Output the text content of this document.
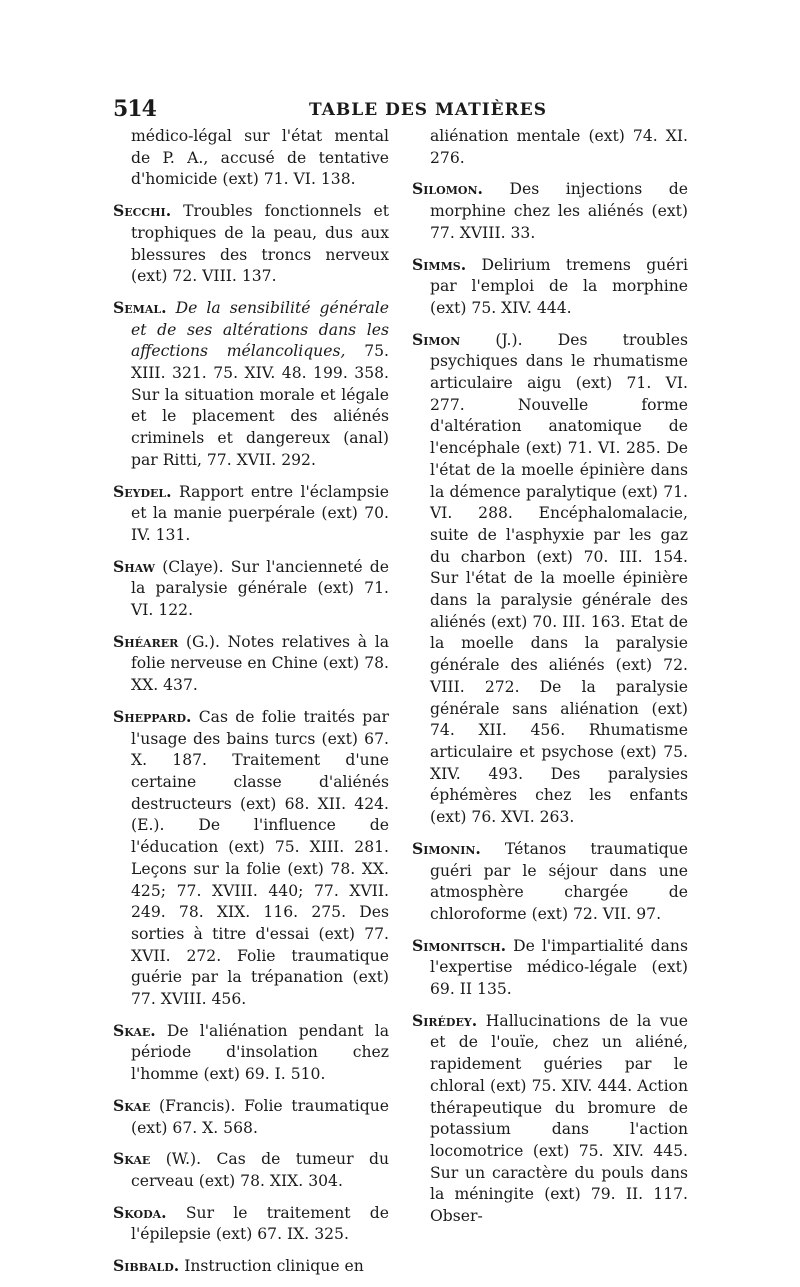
514	TABLE DES MATIÈRES

médico-légal sur l'état mental de P. A., accusé de tentative d'homicide (ext) 71. VI. 138.

Secchi. Troubles fonctionnels et trophiques de la peau, dus aux blessures des troncs nerveux (ext) 72. VIII. 137.

Semal. De la sensibilité générale et de ses altérations dans les affections mélancoliques, 75. XIII. 321. 75. XIV. 48. 199. 358. Sur la situation morale et légale et le placement des aliénés criminels et dangereux (anal) par Ritti, 77. XVII. 292.

Seydel. Rapport entre l'éclampsie et la manie puerpérale (ext) 70. IV. 131.

Shaw (Claye). Sur l'ancienneté de la paralysie générale (ext) 71. VI. 122.

Shéarer (G.). Notes relatives à la folie nerveuse en Chine (ext) 78. XX. 437.

Sheppard. Cas de folie traités par l'usage des bains turcs (ext) 67. X. 187. Traitement d'une certaine classe d'aliénés destructeurs (ext) 68. XII. 424. (E.). De l'influence de l'éducation (ext) 75. XIII. 281. Leçons sur la folie (ext) 78. XX. 425; 77. XVIII. 440; 77. XVII. 249. 78. XIX. 116. 275. Des sorties à titre d'essai (ext) 77. XVII. 272. Folie traumatique guérie par la trépanation (ext) 77. XVIII. 456.

Skae. De l'aliénation pendant la période d'insolation chez l'homme (ext) 69. I. 510.

Skae (Francis). Folie traumatique (ext) 67. X. 568.

Skae (W.). Cas de tumeur du cerveau (ext) 78. XIX. 304.

Skoda. Sur le traitement de l'épilepsie (ext) 67. IX. 325.

Sibbald. Instruction clinique en

aliénation mentale (ext) 74. XI. 276.

Silomon. Des injections de morphine chez les aliénés (ext) 77. XVIII. 33.

Simms. Delirium tremens guéri par l'emploi de la morphine (ext) 75. XIV. 444.

Simon (J.). Des troubles psychiques dans le rhumatisme articulaire aigu (ext) 71. VI. 277. Nouvelle forme d'altération anatomique de l'encéphale (ext) 71. VI. 285. De l'état de la moelle épinière dans la démence paralytique (ext) 71. VI. 288. Encéphalomalacie, suite de l'asphyxie par les gaz du charbon (ext) 70. III. 154. Sur l'état de la moelle épinière dans la paralysie générale des aliénés (ext) 70. III. 163. Etat de la moelle dans la paralysie générale des aliénés (ext) 72. VIII. 272. De la paralysie générale sans aliénation (ext) 74. XII. 456. Rhumatisme articulaire et psychose (ext) 75. XIV. 493. Des paralysies éphémères chez les enfants (ext) 76. XVI. 263.

Simonin. Tétanos traumatique guéri par le séjour dans une atmosphère chargée de chloroforme (ext) 72. VII. 97.

Simonitsch. De l'impartialité dans l'expertise médico-légale (ext) 69. II 135.

Sirédey. Hallucinations de la vue et de l'ouïe, chez un aliéné, rapidement guéries par le chloral (ext) 75. XIV. 444. Action thérapeutique du bromure de potassium dans l'action locomotrice (ext) 75. XIV. 445. Sur un caractère du pouls dans la méningite (ext) 79. II. 117. Obser-
